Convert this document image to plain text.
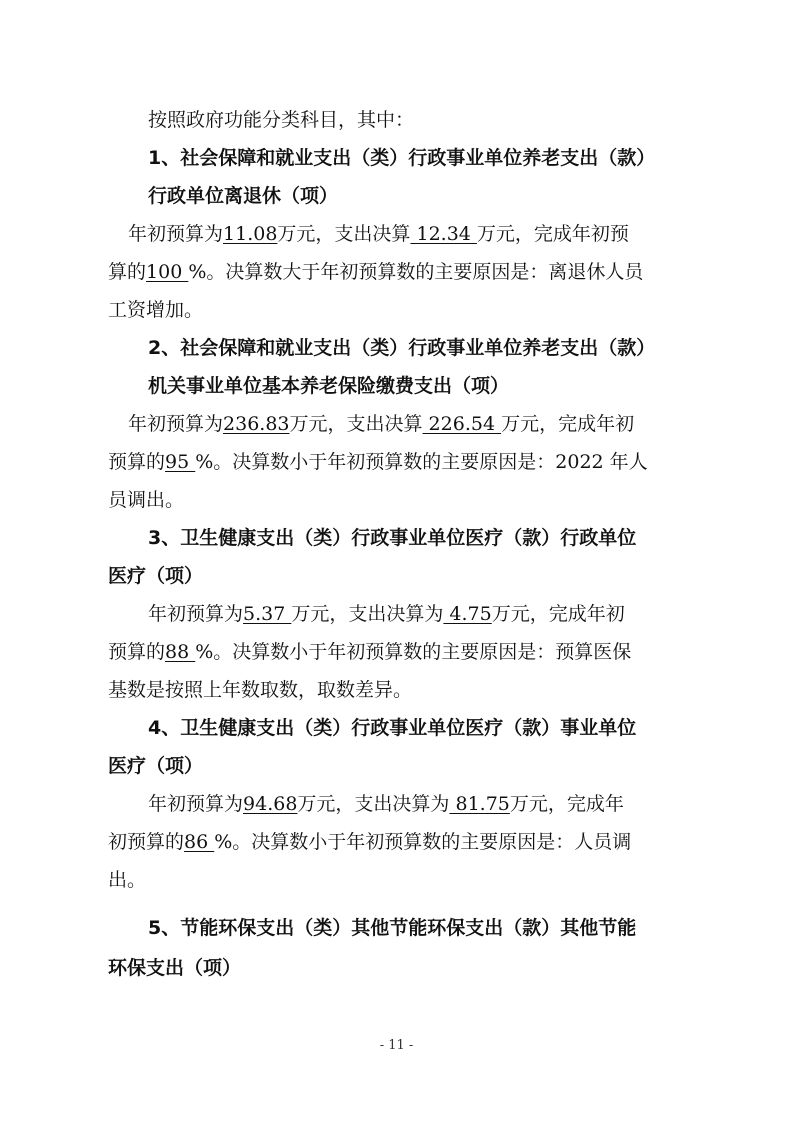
按照政府功能分类科目，其中：
1、社会保障和就业支出（类）行政事业单位养老支出（款）
行政单位离退休（项）
年初预算为11.08万元，支出决算 12.34 万元，完成年初预
算的100 %。决算数大于年初预算数的主要原因是：离退休人员
工资增加。
2、社会保障和就业支出（类）行政事业单位养老支出（款）
机关事业单位基本养老保险缴费支出（项）
年初预算为236.83万元，支出决算 226.54 万元，完成年初
预算的95 %。决算数小于年初预算数的主要原因是：2022 年人
员调出。
3、卫生健康支出（类）行政事业单位医疗（款）行政单位
医疗（项）
年初预算为5.37 万元，支出决算为 4.75万元，完成年初
预算的88 %。决算数小于年初预算数的主要原因是：预算医保
基数是按照上年数取数，取数差异。
4、卫生健康支出（类）行政事业单位医疗（款）事业单位
医疗（项）
年初预算为94.68万元，支出决算为 81.75万元，完成年
初预算的86 %。决算数小于年初预算数的主要原因是：人员调
出。
5、节能环保支出（类）其他节能环保支出（款）其他节能
环保支出（项）
- 11 -
